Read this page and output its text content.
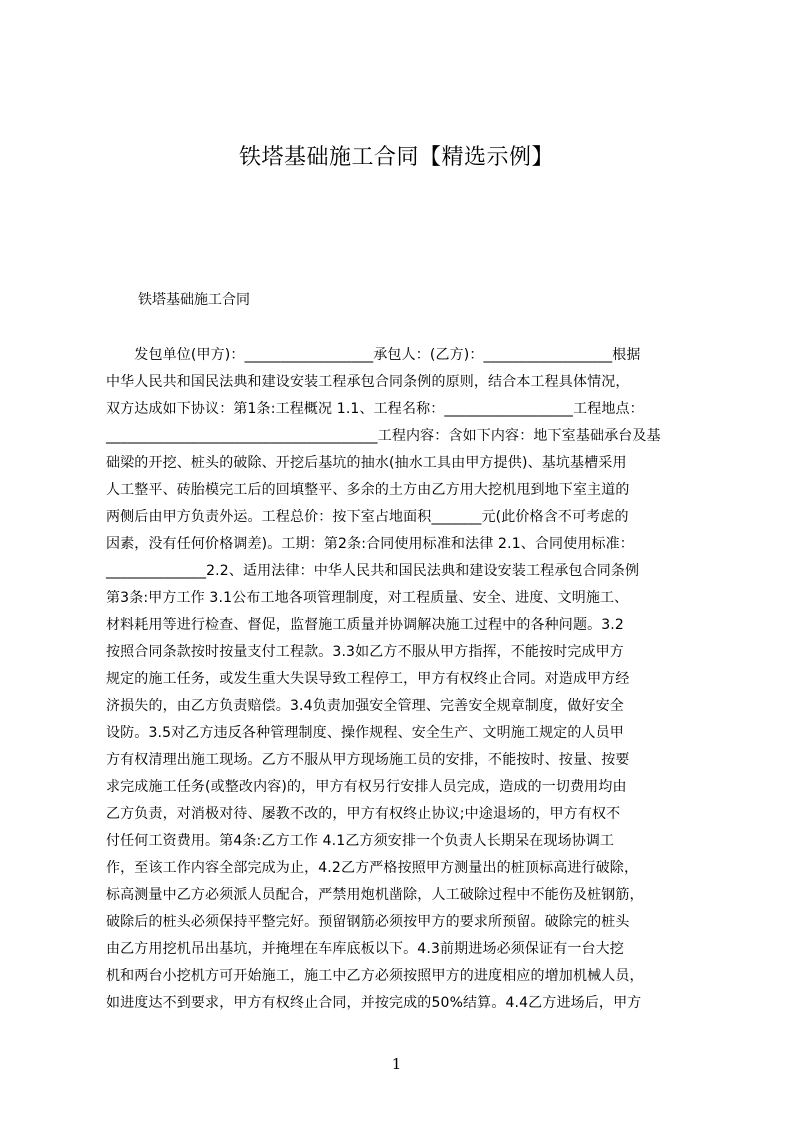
铁塔基础施工合同【精选示例】
铁塔基础施工合同
　　发包单位(甲方)：__________________承包人：(乙方)：__________________根据
中华人民共和国民法典和建设安装工程承包合同条例的原则，结合本工程具体情况，
双方达成如下协议：第1条:工程概况 1.1、工程名称：__________________工程地点：
______________________________________工程内容：含如下内容：地下室基础承台及基
础梁的开挖、桩头的破除、开挖后基坑的抽水(抽水工具由甲方提供)、基坑基槽采用
人工整平、砖胎模完工后的回填整平、多余的土方由乙方用大挖机甩到地下室主道的
两侧后由甲方负责外运。工程总价：按下室占地面积_______元(此价格含不可考虑的
因素，没有任何价格调差)。工期：第2条:合同使用标准和法律 2.1、合同使用标准：
______________2.2、适用法律：中华人民共和国民法典和建设安装工程承包合同条例
第3条:甲方工作 3.1公布工地各项管理制度，对工程质量、安全、进度、文明施工、
材料耗用等进行检查、督促，监督施工质量并协调解决施工过程中的各种问题。3.2
按照合同条款按时按量支付工程款。3.3如乙方不服从甲方指挥，不能按时完成甲方
规定的施工任务，或发生重大失误导致工程停工，甲方有权终止合同。对造成甲方经
济损失的，由乙方负责赔偿。3.4负责加强安全管理、完善安全规章制度，做好安全
设防。3.5对乙方违反各种管理制度、操作规程、安全生产、文明施工规定的人员甲
方有权清理出施工现场。乙方不服从甲方现场施工员的安排，不能按时、按量、按要
求完成施工任务(或整改内容)的，甲方有权另行安排人员完成，造成的一切费用均由
乙方负责，对消极对待、屡教不改的，甲方有权终止协议;中途退场的，甲方有权不
付任何工资费用。第4条:乙方工作 4.1乙方须安排一个负责人长期呆在现场协调工
作，至该工作内容全部完成为止，4.2乙方严格按照甲方测量出的桩顶标高进行破除，
标高测量中乙方必须派人员配合，严禁用炮机凿除，人工破除过程中不能伤及桩钢筋，
破除后的桩头必须保持平整完好。预留钢筋必须按甲方的要求所预留。破除完的桩头
由乙方用挖机吊出基坑，并掩埋在车库底板以下。4.3前期进场必须保证有一台大挖
机和两台小挖机方可开始施工，施工中乙方必须按照甲方的进度相应的增加机械人员，
如进度达不到要求，甲方有权终止合同，并按完成的50%结算。4.4乙方进场后，甲方
1
